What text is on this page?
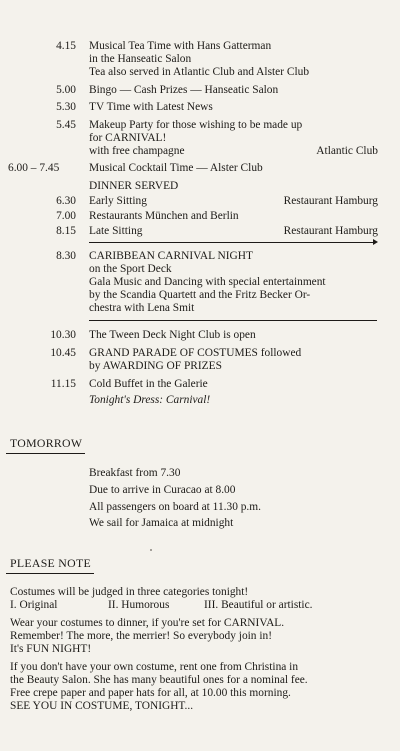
4.15 Musical Tea Time with Hans Gatterman
in the Hanseatic Salon
Tea also served in Atlantic Club and Alster Club
5.00 Bingo — Cash Prizes — Hanseatic Salon
5.30 TV Time with Latest News
5.45 Makeup Party for those wishing to be made up
for CARNIVAL!
with free champagne	Atlantic Club
6.00 – 7.45	Musical Cocktail Time — Alster Club
DINNER SERVED
6.30 Early Sitting	Restaurant Hamburg
7.00 Restaurants München and Berlin
8.15 Late Sitting	Restaurant Hamburg
8.30 CARIBBEAN CARNIVAL NIGHT
on the Sport Deck
Gala Music and Dancing with special entertainment
by the Scandia Quartett and the Fritz Becker Or-
chestra with Lena Smit
10.30 The Tween Deck Night Club is open
10.45 GRAND PARADE OF COSTUMES followed
by AWARDING OF PRIZES
11.15 Cold Buffet in the Galerie
Tonight's Dress: Carnival!
TOMORROW
Breakfast from 7.30
Due to arrive in Curacao at 8.00
All passengers on board at 11.30 p.m.
We sail for Jamaica at midnight
PLEASE NOTE
Costumes will be judged in three categories tonight!
I. Original	II. Humorous	III. Beautiful or artistic.
Wear your costumes to dinner, if you're set for CARNIVAL.
Remember! The more, the merrier! So everybody join in!
It's FUN NIGHT!
If you don't have your own costume, rent one from Christina in
the Beauty Salon. She has many beautiful ones for a nominal fee.
Free crepe paper and paper hats for all, at 10.00 this morning.
SEE YOU IN COSTUME, TONIGHT...
